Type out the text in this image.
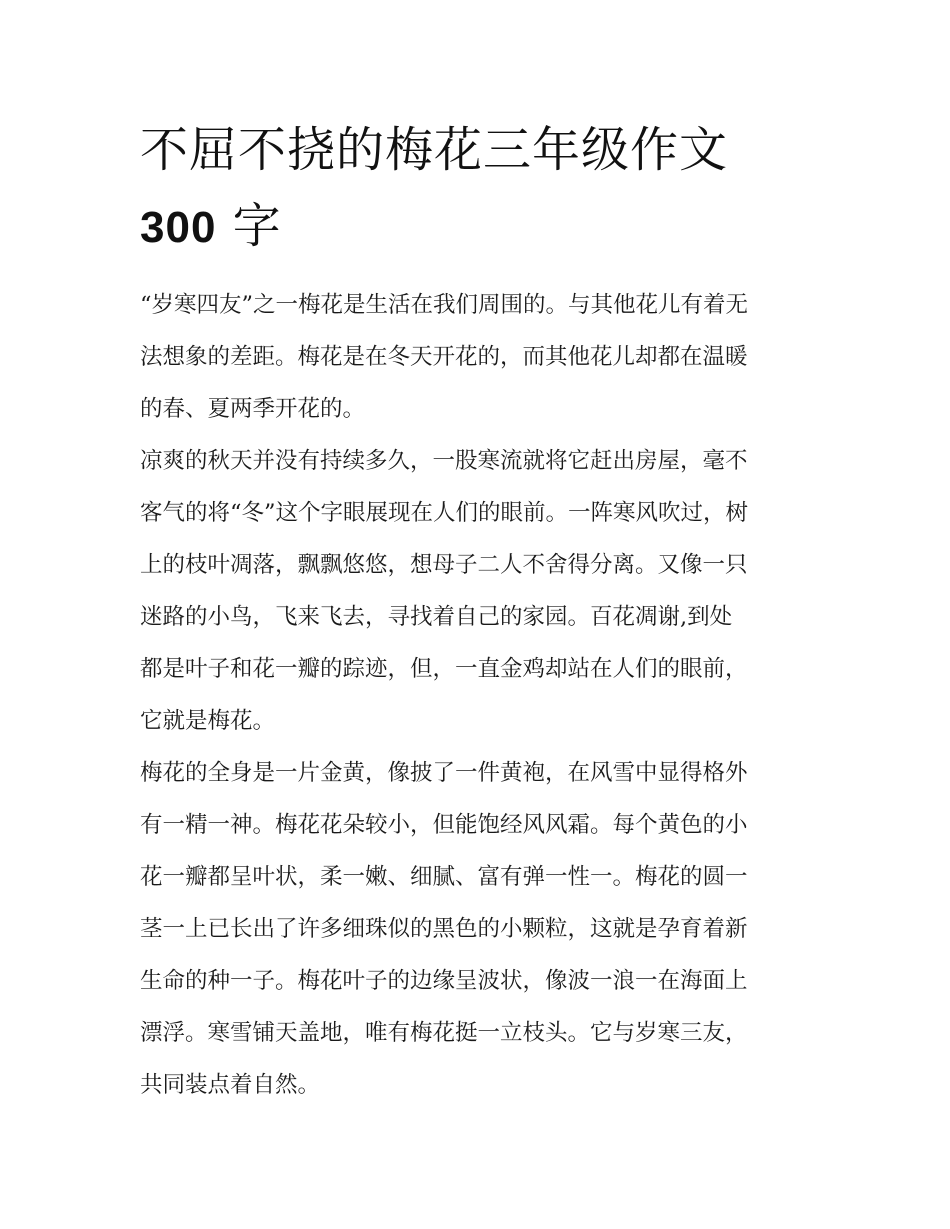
不屈不挠的梅花三年级作文
300 字

“岁寒四友”之一梅花是生活在我们周围的。与其他花儿有着无
法想象的差距。梅花是在冬天开花的，而其他花儿却都在温暖
的春、夏两季开花的。

凉爽的秋天并没有持续多久，一股寒流就将它赶出房屋，毫不
客气的将“冬”这个字眼展现在人们的眼前。一阵寒风吹过，树
上的枝叶凋落，飘飘悠悠，想母子二人不舍得分离。又像一只
迷路的小鸟，飞来飞去，寻找着自己的家园。百花凋谢,到处
都是叶子和花一瓣的踪迹，但，一直金鸡却站在人们的眼前，
它就是梅花。

梅花的全身是一片金黄，像披了一件黄袍，在风雪中显得格外
有一精一神。梅花花朵较小，但能饱经风风霜。每个黄色的小
花一瓣都呈叶状，柔一嫩、细腻、富有弹一性一。梅花的圆一
茎一上已长出了许多细珠似的黑色的小颗粒，这就是孕育着新
生命的种一子。梅花叶子的边缘呈波状，像波一浪一在海面上
漂浮。寒雪铺天盖地，唯有梅花挺一立枝头。它与岁寒三友，
共同装点着自然。
